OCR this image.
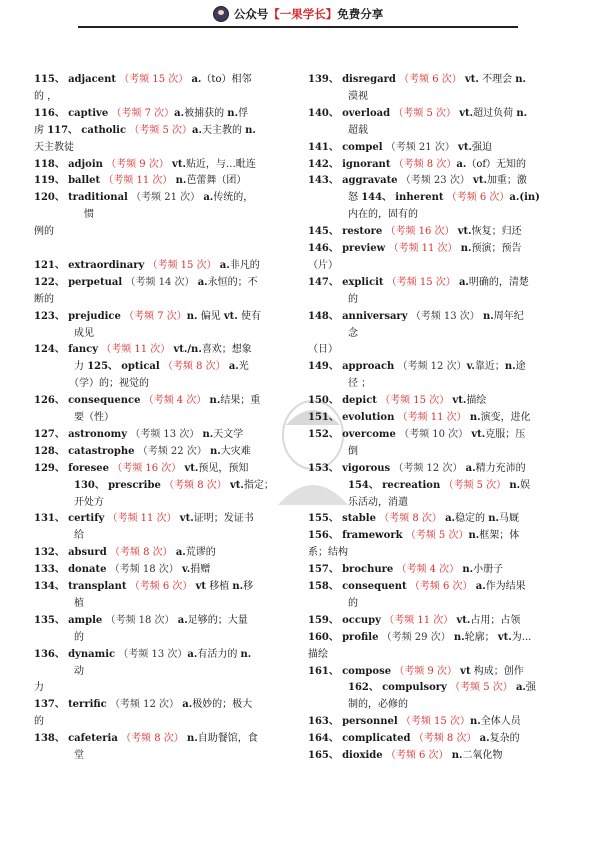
公众号 【一果学长】 免费分享
115、 adjacent （考频 15 次） a.（to）相邻
的 ，
116、 captive （考频 7 次）a.被捕获的 n.俘
虏 117、 catholic （考频 5 次）a.天主教的 n.
天主教徒
118、 adjoin （考频 9 次） vt.贴近，与…毗连
119、 ballet （考频 11 次） n.芭蕾舞（团）
120、 traditional （考频 21 次） a.传统的，
　　　　　惯
例的
121、 extraordinary （考频 15 次） a.非凡的
122、 perpetual （考频 14 次） a.永恒的；不
断的
123、 prejudice （考频 7 次）n. 偏见 vt. 使有
　　　　成见
124、 fancy （考频 11 次） vt./n.喜欢；想象
　　　　力 125、 optical （考频 8 次） a.光
　　　　（学）的；视觉的
126、 consequence （考频 4 次） n.结果；重
　　　　要（性）
127、 astronomy （考频 13 次） n.天文学
128、 catastrophe （考频 22 次） n.大灾难
129、 foresee （考频 16 次） vt.预见，预知
　　　　130、 prescribe （考频 8 次） vt.指定；
　　　　开处方
131、 certify （考频 11 次） vt.证明；发证书
　　　　给
132、 absurd （考频 8 次） a.荒谬的
133、 donate （考频 18 次） v.捐赠
134、 transplant （考频 6 次） vt 移植 n.移
　　　　植
135、 ample （考频 18 次） a.足够的；大量
　　　　的
136、 dynamic （考频 13 次）a.有活力的 n.
　　　　动
力
137、 terrific （考频 12 次） a.极妙的；极大
的
138、 cafeteria （考频 8 次） n.自助餐馆，食
　　　　堂
139、 disregard （考频 6 次） vt. 不理会 n.
　　　　漠视
140、 overload （考频 5 次） vt.超过负荷 n.
　　　　超载
141、 compel （考频 21 次） vt.强迫
142、 ignorant （考频 8 次）a.（of）无知的
143、 aggravate （考频 23 次） vt.加重；激
　　　　怒 144、 inherent （考频 6 次）a.(in)
　　　　内在的，固有的
145、 restore （考频 16 次） vt.恢复；归还
146、 preview （考频 11 次） n.预演；预告
（片）
147、 explicit （考频 15 次） a.明确的，清楚
　　　　的
148、 anniversary （考频 13 次） n.周年纪
　　　　念
（日）
149、 approach （考频 12 次）v.靠近；n.途
　　　　径 ；
150、 depict （考频 15 次） vt.描绘
151、 evolution （考频 11 次） n.演变，进化
152、 overcome （考频 10 次） vt.克服；压
　　　　倒
153、 vigorous （考频 12 次） a.精力充沛的
　　　　154、 recreation （考频 5 次） n.娱
　　　　乐活动，消遣
155、 stable （考频 8 次） a.稳定的 n.马厩
156、 framework （考频 5 次）n.框架；体
系；结构
157、 brochure （考频 4 次） n.小册子
158、 consequent （考频 6 次） a.作为结果
　　　　的
159、 occupy （考频 11 次） vt.占用；占领
160、 profile （考频 29 次） n.轮廓； vt.为...
描绘
161、 compose （考频 9 次） vt 构成；创作
　　　　162、 compulsory （考频 5 次） a.强
　　　　制的，必修的
163、 personnel （考频 15 次）n.全体人员
164、 complicated （考频 8 次） a.复杂的
165、 dioxide （考频 6 次） n.二氧化物
